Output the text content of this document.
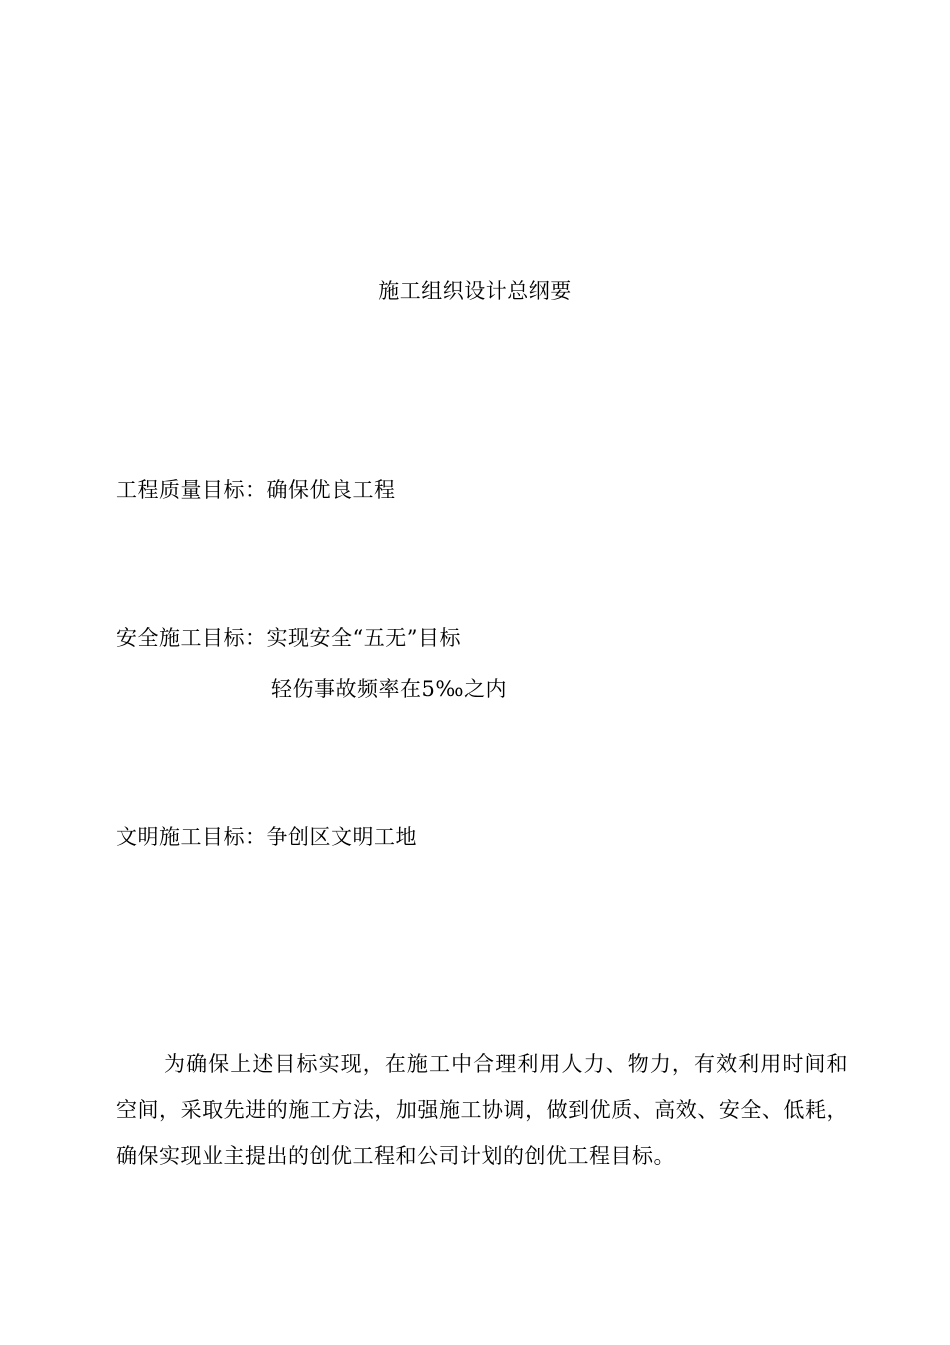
施工组织设计总纲要
工程质量目标：确保优良工程
安全施工目标：实现安全“五无”目标
轻伤事故频率在5‰之内
文明施工目标：争创区文明工地

为确保上述目标实现，在施工中合理利用人力、物力，有效利用时间和空间，采取先进的施工方法，加强施工协调，做到优质、高效、安全、低耗，确保实现业主提出的创优工程和公司计划的创优工程目标。
